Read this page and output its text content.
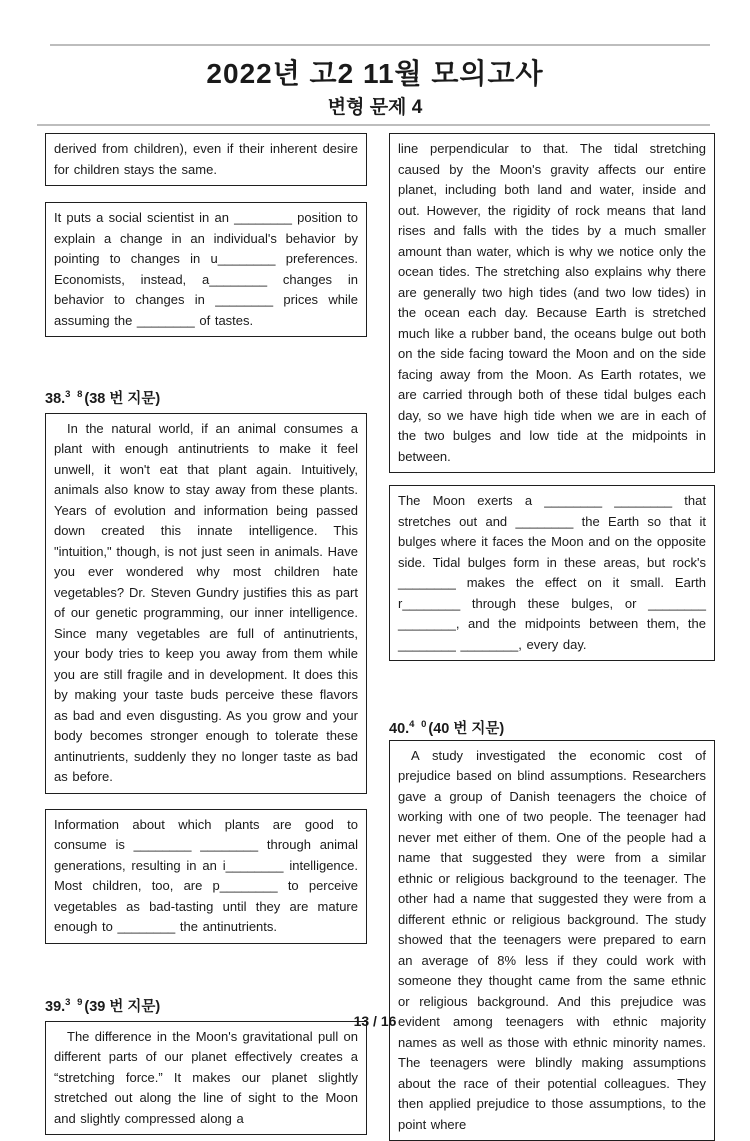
2022년 고2 11월 모의고사
변형 문제 4
derived from children), even if their inherent desire for children stays the same.
It puts a social scientist in an ________ position to explain a change in an individual's behavior by pointing to changes in u________ preferences. Economists, instead, a________ changes in behavior to changes in ________ prices while assuming the ________ of tastes.
38.$^{3 8}$(38 번 지문)
In the natural world, if an animal consumes a plant with enough antinutrients to make it feel unwell, it won't eat that plant again. Intuitively, animals also know to stay away from these plants. Years of evolution and information being passed down created this innate intelligence. This "intuition," though, is not just seen in animals. Have you ever wondered why most children hate vegetables? Dr. Steven Gundry justifies this as part of our genetic programming, our inner intelligence. Since many vegetables are full of antinutrients, your body tries to keep you away from them while you are still fragile and in development. It does this by making your taste buds perceive these flavors as bad and even disgusting. As you grow and your body becomes stronger enough to tolerate these antinutrients, suddenly they no longer taste as bad as before.
Information about which plants are good to consume is ________ ________ through animal generations, resulting in an i________ intelligence. Most children, too, are p________ to perceive vegetables as bad-tasting until they are mature enough to ________ the antinutrients.
39.$^{3 9}$(39 번 지문)
The difference in the Moon's gravitational pull on different parts of our planet effectively creates a “stretching force.” It makes our planet slightly stretched out along the line of sight to the Moon and slightly compressed along a
line perpendicular to that. The tidal stretching caused by the Moon's gravity affects our entire planet, including both land and water, inside and out. However, the rigidity of rock means that land rises and falls with the tides by a much smaller amount than water, which is why we notice only the ocean tides. The stretching also explains why there are generally two high tides (and two low tides) in the ocean each day. Because Earth is stretched much like a rubber band, the oceans bulge out both on the side facing toward the Moon and on the side facing away from the Moon. As Earth rotates, we are carried through both of these tidal bulges each day, so we have high tide when we are in each of the two bulges and low tide at the midpoints in between.
The Moon exerts a ________ ________ that stretches out and ________ the Earth so that it bulges where it faces the Moon and on the opposite side. Tidal bulges form in these areas, but rock's ________ makes the effect on it small. Earth r________ through these bulges, or ________ ________, and the midpoints between them, the ________ ________, every day.
40.$^{4 0}$(40 번 지문)
A study investigated the economic cost of prejudice based on blind assumptions. Researchers gave a group of Danish teenagers the choice of working with one of two people. The teenager had never met either of them. One of the people had a name that suggested they were from a similar ethnic or religious background to the teenager. The other had a name that suggested they were from a different ethnic or religious background. The study showed that the teenagers were prepared to earn an average of 8% less if they could work with someone they thought came from the same ethnic or religious background. And this prejudice was evident among teenagers with ethnic majority names as well as those with ethnic minority names. The teenagers were blindly making assumptions about the race of their potential colleagues. They then applied prejudice to those assumptions, to the point where
13 / 16
